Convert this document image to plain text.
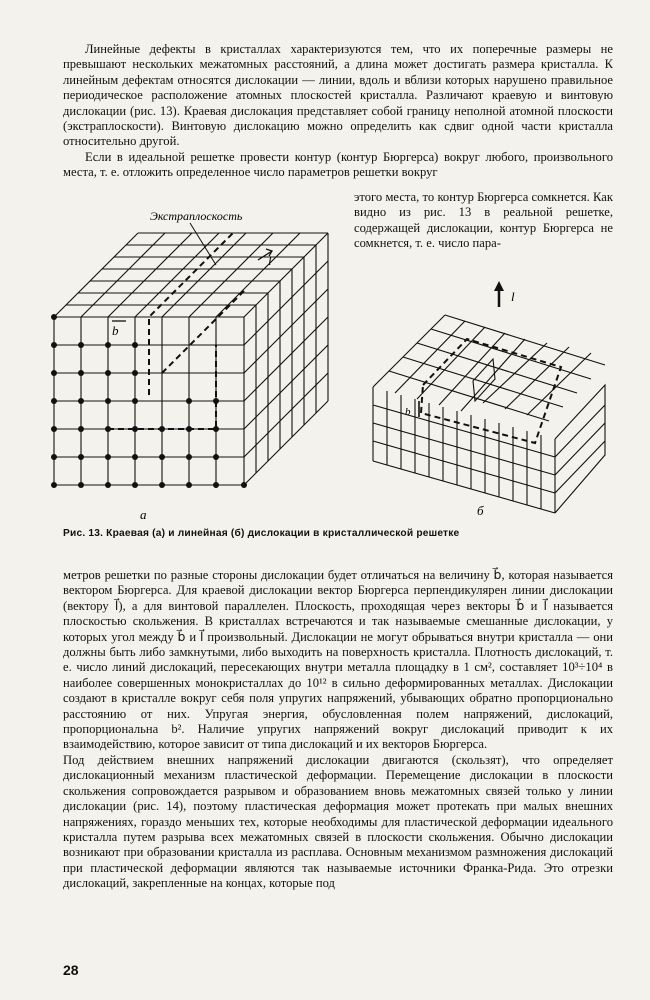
Линейные дефекты в кристаллах характеризуются тем, что их поперечные размеры не превышают нескольких межатомных расстояний, а длина может достигать размера кристалла. К линейным дефектам относятся дислокации — линии, вдоль и вблизи которых нарушено правильное периодическое расположение атомных плоскостей кристалла. Различают краевую и винтовую дислокации (рис. 13). Краевая дислокация представляет собой границу неполной атомной плоскости (экстраплоскости). Винтовую дислокацию можно определить как сдвиг одной части кристалла относительно другой.

Если в идеальной решетке провести контур (контур Бюргерса) вокруг любого, произвольного места, т. е. отложить определенное число параметров решетки вокруг

этого места, то контур Бюргерса сомкнется. Как видно из рис. 13 в реальной решетке, содержащей дислокации, контур Бюргерса не сомкнется, т. е. число пара-
Экстраплоскость
b
l
а
l
b
б
Рис. 13. Краевая (а) и линейная (б) дислокации в кристаллической решетке

метров решетки по разные стороны дислокации будет отличаться на величину b⃗, которая называется вектором Бюргерса. Для краевой дислокации вектор Бюргерса перпендикулярен линии дислокации (вектору l⃗), а для винтовой параллелен. Плоскость, проходящая через векторы b⃗ и l⃗ называется плоскостью скольжения. В кристаллах встречаются и так называемые смешанные дислокации, у которых угол между b⃗ и l⃗ произвольный. Дислокации не могут обрываться внутри кристалла — они должны быть либо замкнутыми, либо выходить на поверхность кристалла. Плотность дислокаций, т. е. число линий дислокаций, пересекающих внутри металла площадку в 1 см², составляет 10³÷10⁴ в наиболее совершенных монокристаллах до 10¹² в сильно деформированных металлах. Дислокации создают в кристалле вокруг себя поля упругих напряжений, убывающих обратно пропорционально расстоянию от них. Упругая энергия, обусловленная полем напряжений, дислокаций, пропорциональна b². Наличие упругих напряжений вокруг дислокаций приводит к их взаимодействию, которое зависит от типа дислокаций и их векторов Бюргерса.

Под действием внешних напряжений дислокации двигаются (скользят), что определяет дислокационный механизм пластической деформации. Перемещение дислокации в плоскости скольжения сопровождается разрывом и образованием вновь межатомных связей только у линии дислокации (рис. 14), поэтому пластическая деформация может протекать при малых внешних напряжениях, гораздо меньших тех, которые необходимы для пластической деформации идеального кристалла путем разрыва всех межатомных связей в плоскости скольжения. Обычно дислокации возникают при образовании кристалла из расплава. Основным механизмом размножения дислокаций при пластической деформации являются так называемые источники Франка-Рида. Это отрезки дислокаций, закрепленные на концах, которые под

28
